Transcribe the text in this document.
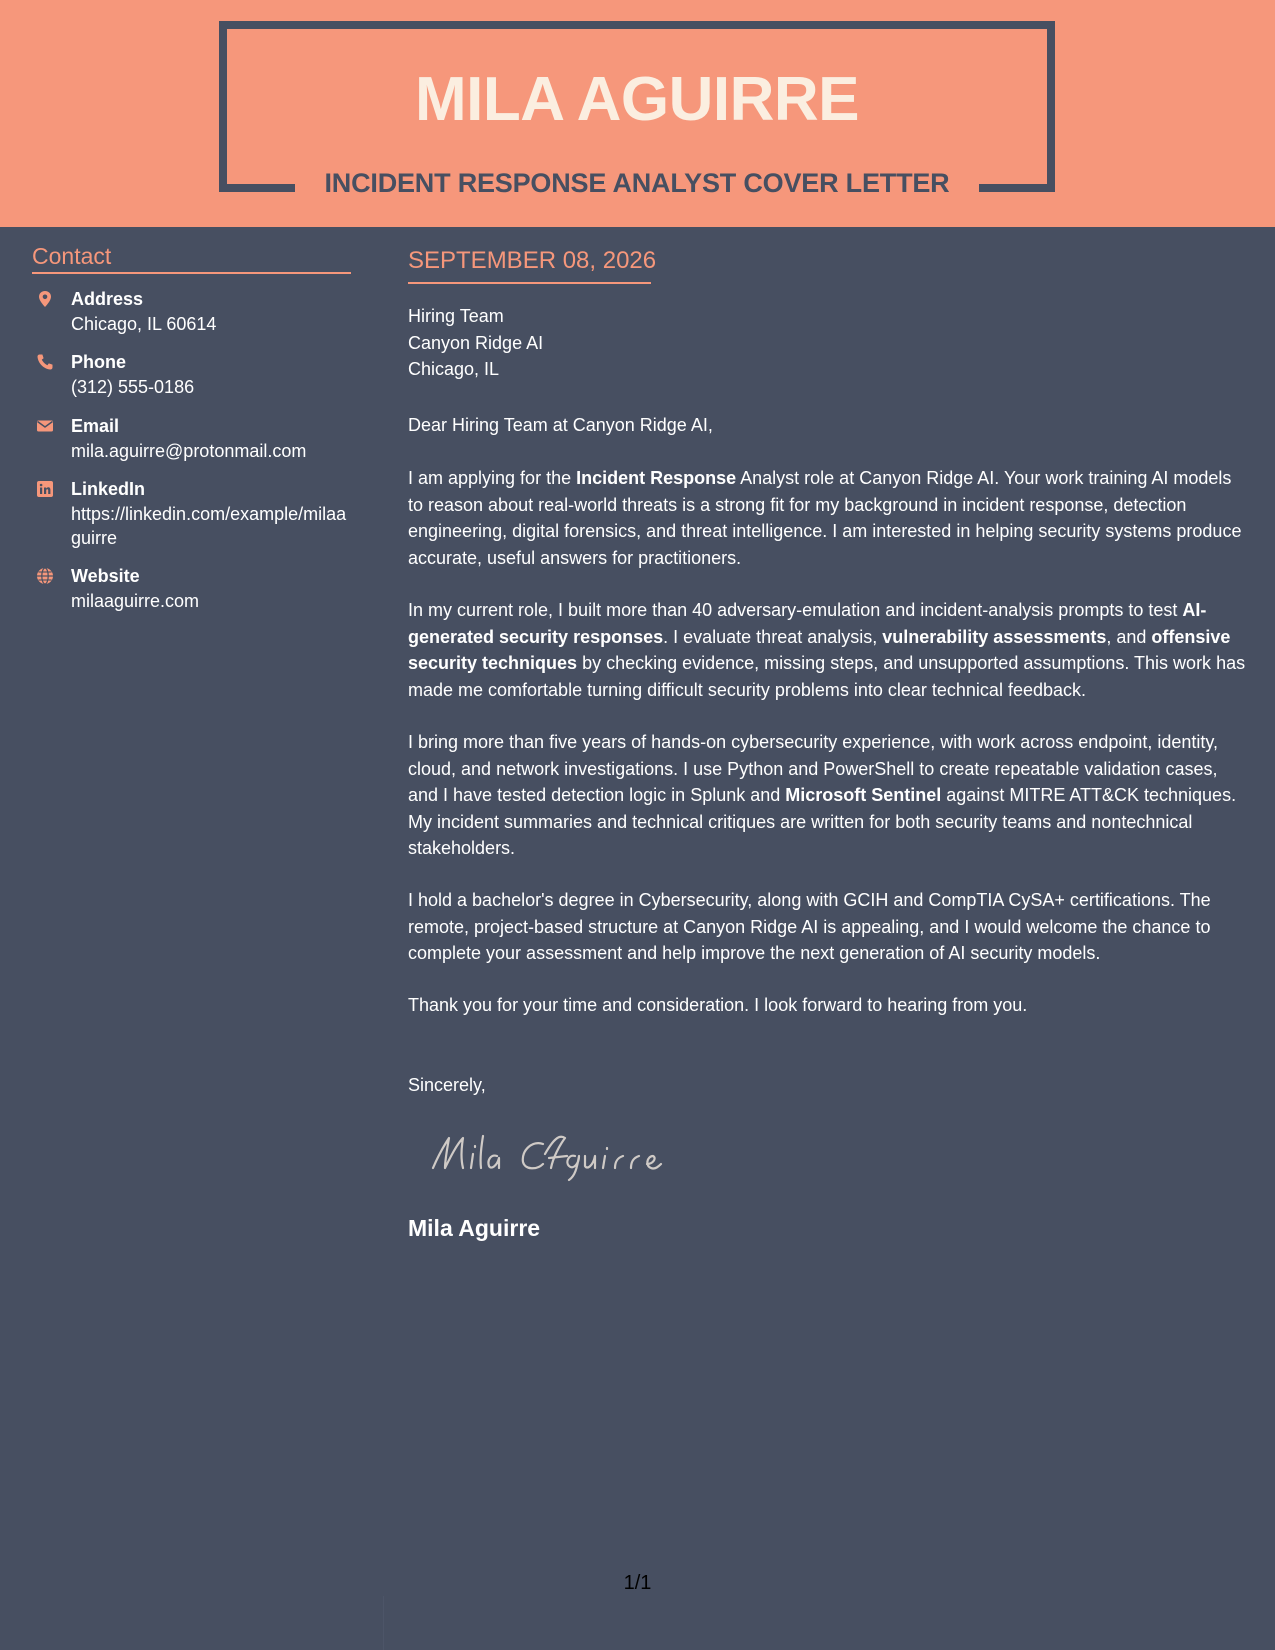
MILA AGUIRRE
INCIDENT RESPONSE ANALYST COVER LETTER
Contact
Address
Chicago, IL 60614
Phone
(312) 555-0186
Email
mila.aguirre@protonmail.com
LinkedIn
https://linkedin.com/example/milaaguirre
Website
milaaguirre.com
SEPTEMBER 08, 2026
Hiring Team
Canyon Ridge AI
Chicago, IL
Dear Hiring Team at Canyon Ridge AI,
I am applying for the Incident Response Analyst role at Canyon Ridge AI. Your work training AI models to reason about real-world threats is a strong fit for my background in incident response, detection engineering, digital forensics, and threat intelligence. I am interested in helping security systems produce accurate, useful answers for practitioners.
In my current role, I built more than 40 adversary-emulation and incident-analysis prompts to test AI-generated security responses. I evaluate threat analysis, vulnerability assessments, and offensive security techniques by checking evidence, missing steps, and unsupported assumptions. This work has made me comfortable turning difficult security problems into clear technical feedback.
I bring more than five years of hands-on cybersecurity experience, with work across endpoint, identity, cloud, and network investigations. I use Python and PowerShell to create repeatable validation cases, and I have tested detection logic in Splunk and Microsoft Sentinel against MITRE ATT&CK techniques. My incident summaries and technical critiques are written for both security teams and nontechnical stakeholders.
I hold a bachelor's degree in Cybersecurity, along with GCIH and CompTIA CySA+ certifications. The remote, project-based structure at Canyon Ridge AI is appealing, and I would welcome the chance to complete your assessment and help improve the next generation of AI security models.
Thank you for your time and consideration. I look forward to hearing from you.
Sincerely,
Mila Aguirre
1/1
